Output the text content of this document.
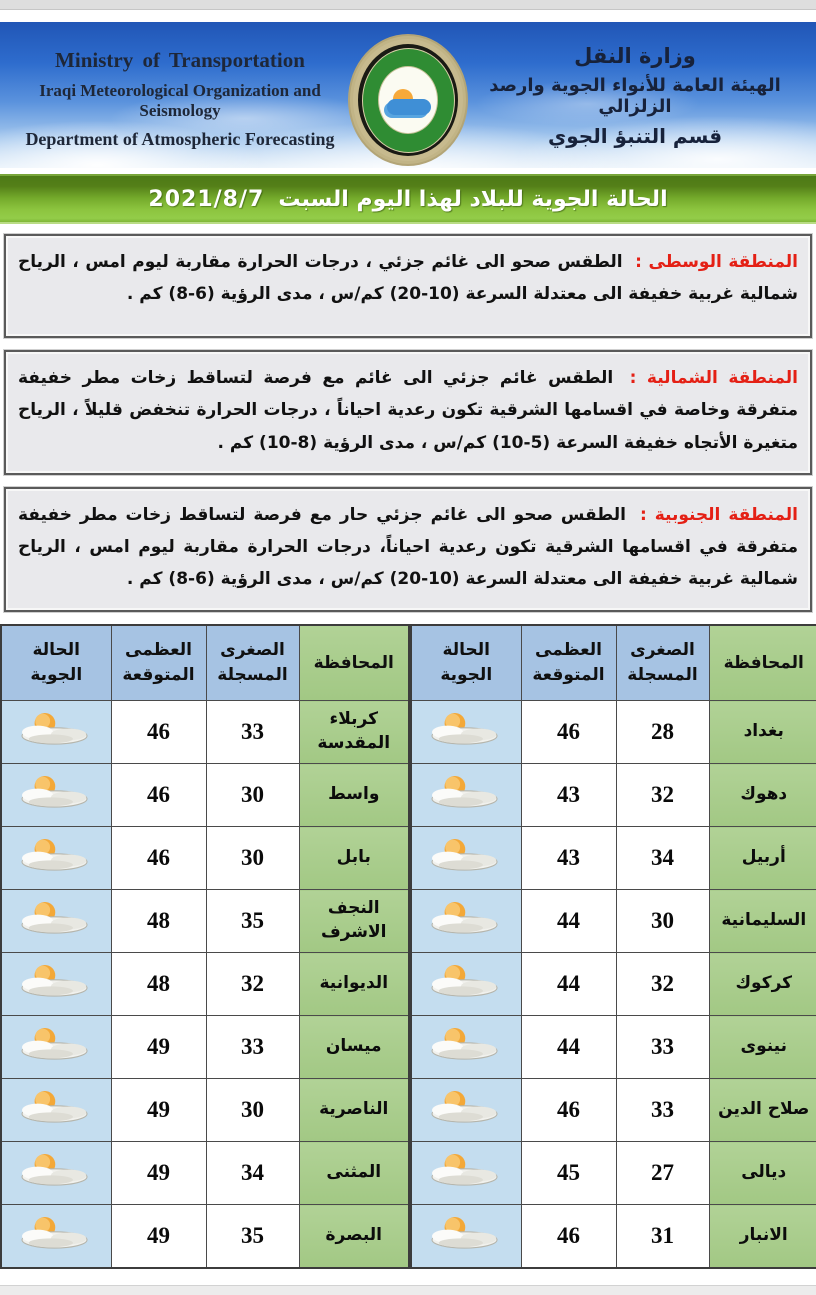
Ministry of Transportation
Iraqi Meteorological Organization and Seismology
Department of Atmospheric Forecasting
وزارة النقل
الهيئة العامة للأنواء الجوية وارصد الزلزالي
قسم التنبؤ الجوي
الحالة الجوية للبلاد لهذا اليوم السبت
2021/8/7
المنطقة الوسطى : الطقس صحو الى غائم جزئي ، درجات الحرارة مقاربة ليوم امس ، الرياح شمالية غربية خفيفة الى معتدلة السرعة (10-20) كم/س ، مدى الرؤية (6-8) كم .
المنطقة الشمالية : الطقس غائم جزئي الى غائم مع فرصة لتساقط زخات مطر خفيفة متفرقة وخاصة في اقسامها الشرقية تكون رعدية احياناً ، درجات الحرارة تنخفض قليلاً ، الرياح متغيرة الأتجاه خفيفة السرعة (5-10) كم/س ، مدى الرؤية (8-10) كم .
المنطقة الجنوبية : الطقس صحو الى غائم جزئي حار مع فرصة لتساقط زخات مطر خفيفة متفرقة في اقسامها الشرقية تكون رعدية احياناً، درجات الحرارة مقاربة ليوم امس ، الرياح شمالية غربية خفيفة الى معتدلة السرعة (10-20) كم/س ، مدى الرؤية (6-8) كم .
المحافظة	الصغرى المسجلة	العظمى المتوقعة	الحالة الجوية
كربلاء المقدسة	33	46	
واسط	30	46	
بابل	30	46	
النجف الاشرف	35	48	
الديوانية	32	48	
ميسان	33	49	
الناصرية	30	49	
المثنى	34	49	
البصرة	35	49	
المحافظة	الصغرى المسجلة	العظمى المتوقعة	الحالة الجوية
بغداد	28	46	
دهوك	32	43	
أربيل	34	43	
السليمانية	30	44	
كركوك	32	44	
نينوى	33	44	
صلاح الدين	33	46	
ديالى	27	45	
الانبار	31	46	
